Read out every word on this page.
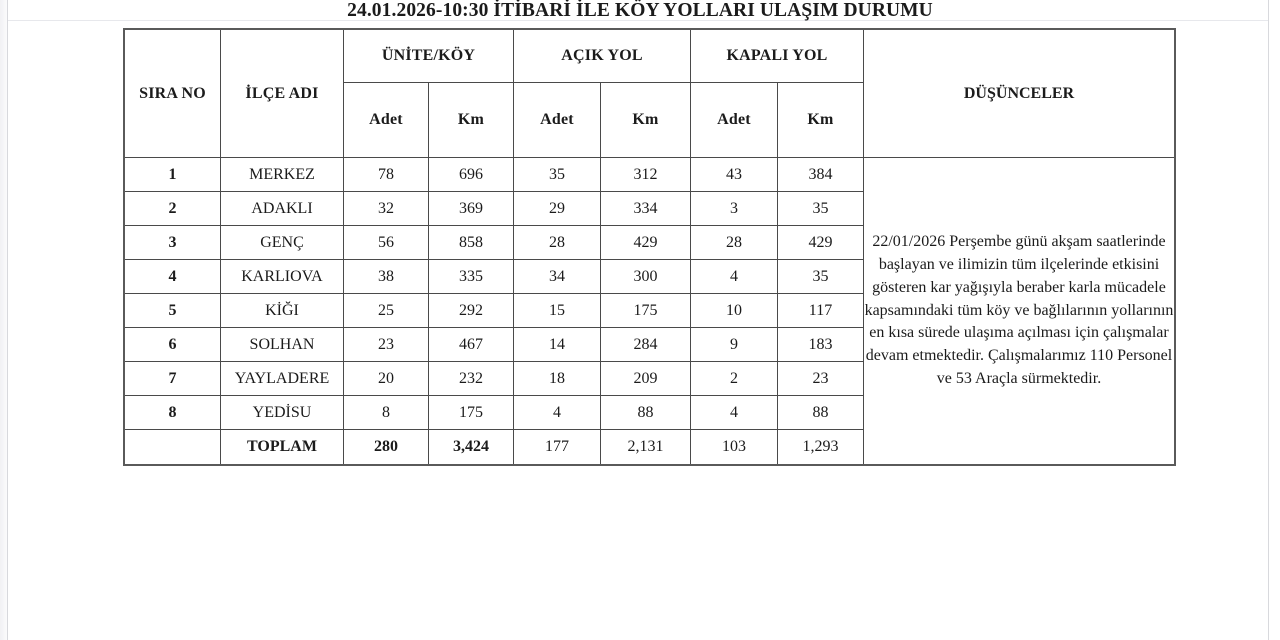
24.01.2026-10:30 İTİBARİ İLE KÖY YOLLARI ULAŞIM DURUMU
SIRA NO	İLÇE ADI	ÜNİTE/KÖY		AÇIK YOL		KAPALI YOL		DÜŞÜNCELER
		Adet	Km	Adet	Km	Adet	Km	
1	MERKEZ	78	696	35	312	43	384	22/01/2026 Perşembe günü akşam saatlerinde başlayan ve ilimizin tüm ilçelerinde etkisini gösteren kar yağışıyla beraber karla mücadele kapsamındaki tüm köy ve bağlılarının yollarının en kısa sürede ulaşıma açılması için çalışmalar devam etmektedir. Çalışmalarımız 110 Personel ve 53 Araçla sürmektedir.

2	ADAKLI	32	369	29	334	3	35	
3	GENÇ	56	858	28	429	28	429	
4	KARLIOVA	38	335	34	300	4	35	
5	KİĞI	25	292	15	175	10	117	
6	SOLHAN	23	467	14	284	9	183	
7	YAYLADERE	20	232	18	209	2	23	
8	YEDİSU	8	175	4	88	4	88	
	TOPLAM	280	3,424	177	2,131	103	1,293	
